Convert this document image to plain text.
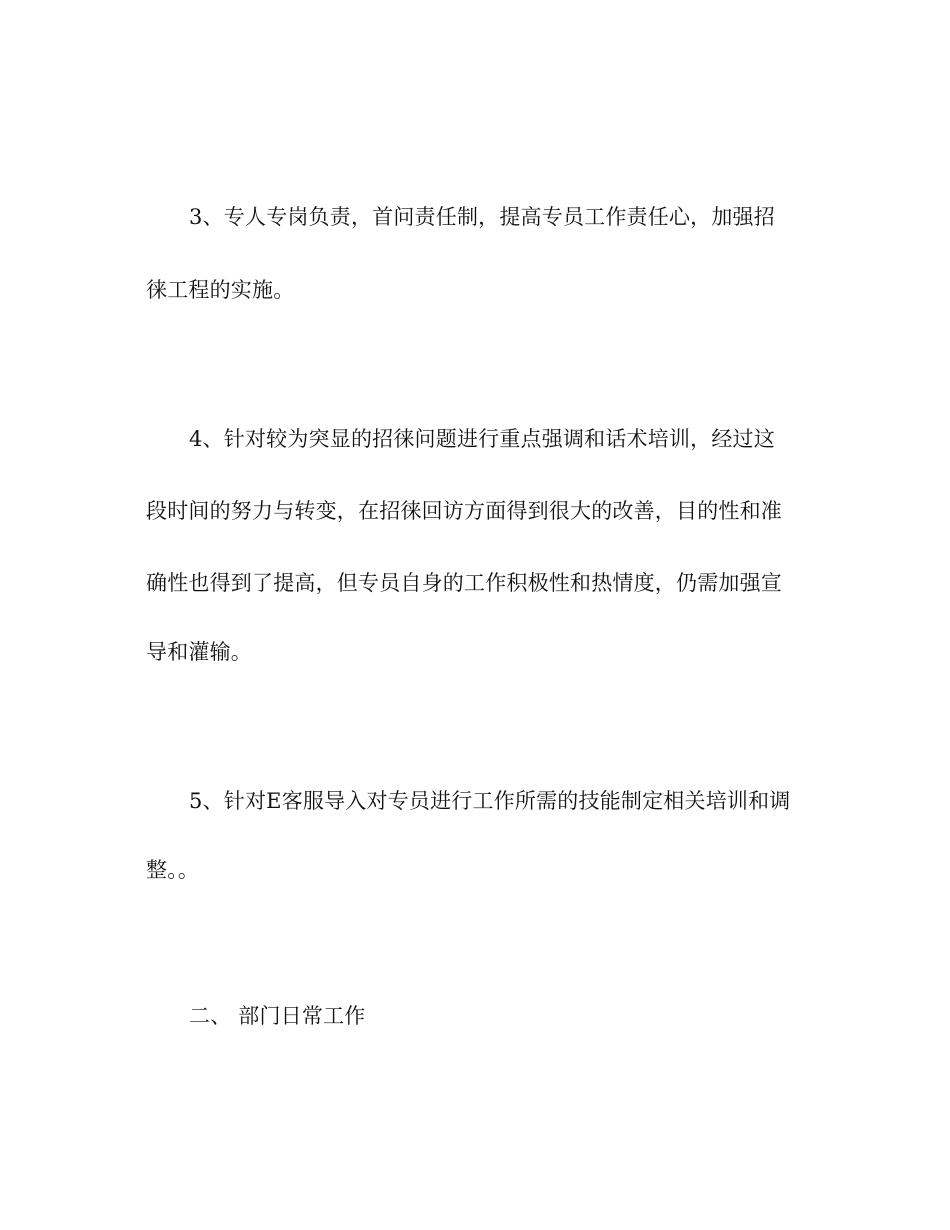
3、专人专岗负责，首问责任制，提高专员工作责任心，加强招
徕工程的实施。
4、针对较为突显的招徕问题进行重点强调和话术培训，经过这
段时间的努力与转变，在招徕回访方面得到很大的改善，目的性和准
确性也得到了提高，但专员自身的工作积极性和热情度，仍需加强宣
导和灌输。
5、针对E客服导入对专员进行工作所需的技能制定相关培训和调
整。。
二、 部门日常工作
